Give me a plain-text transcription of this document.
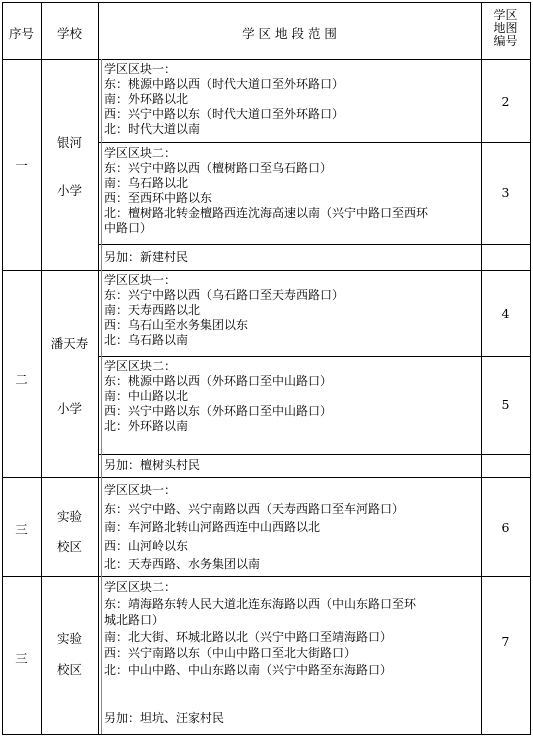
序号	学校	学 区 地 段 范 围
学区
地图
编号
一
银河
小学
学区区块一：
东：桃源中路以西（时代大道口至外环路口）
南：外环路以北
西：兴宁中路以东（时代大道口至外环路口）
北：时代大道以南
2
学区区块二：
东：兴宁中路以西（檀树路口至乌石路口）
南：乌石路以北
西：至西环中路以东
北：檀树路北转金檀路西连沈海高速以南（兴宁中路口至西环
中路口）
3
另加：新建村民
二
潘天寿
小学
学区区块一：
东：兴宁中路以西（乌石路口至天寿西路口）
南：天寿西路以北
西：乌石山至水务集团以东
北：乌石路以南
4
学区区块二：
东：桃源中路以西（外环路口至中山路口）
南：中山路以北
西：兴宁中路以东（外环路口至中山路口）
北：外环路以南
5
另加：檀树头村民
三
实验
校区
学区区块一：
东：兴宁中路、兴宁南路以西（天寿西路口至车河路口）
南：车河路北转山河路西连中山西路以北
西：山河岭以东
北：天寿西路、水务集团以南
6
三
实验
校区
学区区块二：
东：靖海路东转人民大道北连东海路以西（中山东路口至环
城北路口）
南：北大街、环城北路以北（兴宁中路口至靖海路口）
西：兴宁南路以东（中山中路口至北大街路口）
北：中山中路、中山东路以南（兴宁中路至东海路口）
7
另加：坦坑、汪家村民
